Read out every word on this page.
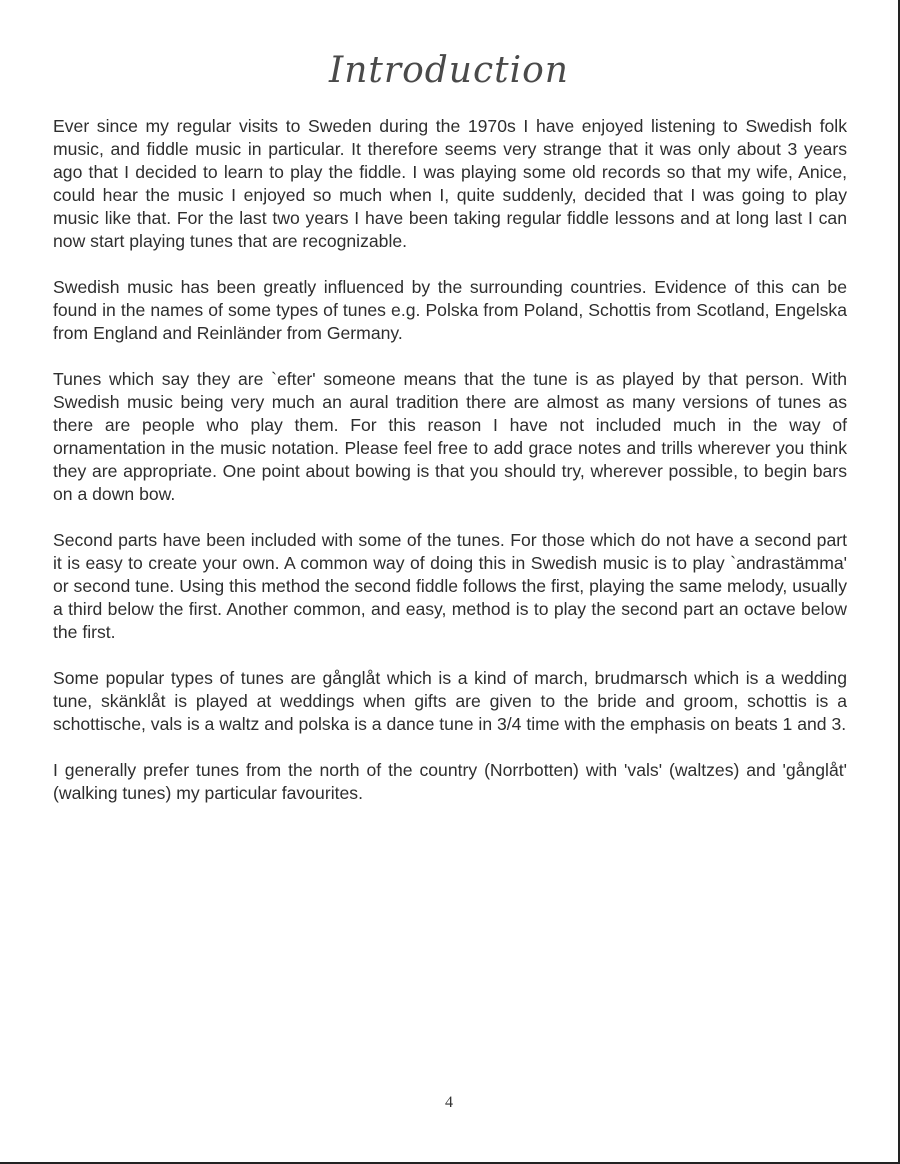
Introduction

Ever since my regular visits to Sweden during the 1970s I have enjoyed listening to Swedish folk music, and fiddle music in particular. It therefore seems very strange that it was only about 3 years ago that I decided to learn to play the fiddle. I was playing some old records so that my wife, Anice, could hear the music I enjoyed so much when I, quite suddenly, decided that I was going to play music like that. For the last two years I have been taking regular fiddle lessons and at long last I can now start playing tunes that are recognizable.

Swedish music has been greatly influenced by the surrounding countries. Evidence of this can be found in the names of some types of tunes e.g. Polska from Poland, Schottis from Scotland, Engelska from England and Reinländer from Germany.

Tunes which say they are `efter' someone means that the tune is as played by that person. With Swedish music being very much an aural tradition there are almost as many versions of tunes as there are people who play them. For this reason I have not included much in the way of ornamentation in the music notation. Please feel free to add grace notes and trills wherever you think they are appropriate. One point about bowing is that you should try, wherever possible, to begin bars on a down bow.

Second parts have been included with some of the tunes. For those which do not have a second part it is easy to create your own. A common way of doing this in Swedish music is to play `andrastämma' or second tune. Using this method the second fiddle follows the first, playing the same melody, usually a third below the first. Another common, and easy, method is to play the second part an octave below the first.

Some popular types of tunes are gånglåt which is a kind of march, brudmarsch which is a wedding tune, skänklåt is played at weddings when gifts are given to the bride and groom, schottis is a schottische, vals is a waltz and polska is a dance tune in 3/4 time with the emphasis on beats 1 and 3.

I generally prefer tunes from the north of the country (Norrbotten) with 'vals' (waltzes) and 'gånglåt' (walking tunes) my particular favourites.

4
